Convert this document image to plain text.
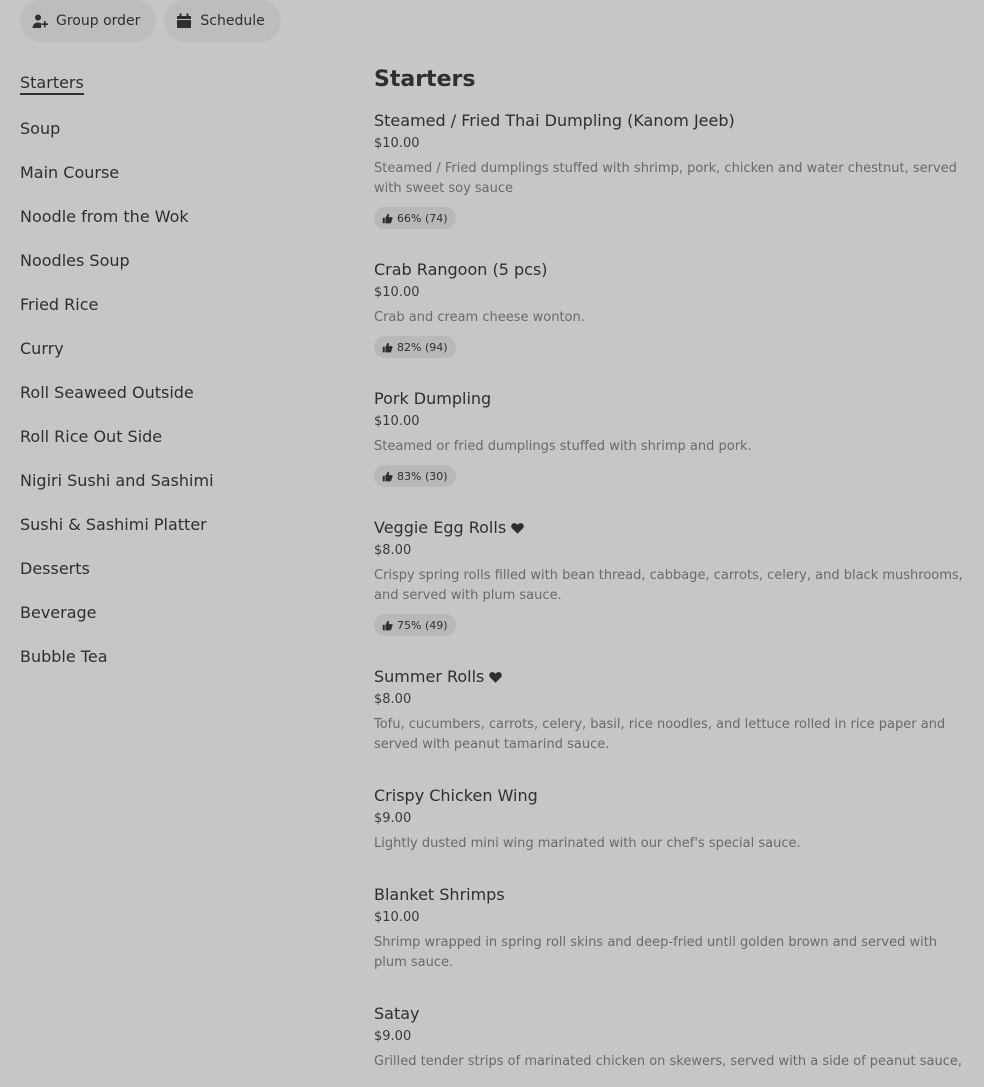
Group order	Schedule
Starters
Soup
Main Course
Noodle from the Wok
Noodles Soup
Fried Rice
Curry
Roll Seaweed Outside
Roll Rice Out Side
Nigiri Sushi and Sashimi
Sushi & Sashimi Platter
Desserts
Beverage
Bubble Tea
Starters
Steamed / Fried Thai Dumpling (Kanom Jeeb)
$10.00
Steamed / Fried dumplings stuffed with shrimp, pork, chicken and water chestnut, served with sweet soy sauce
66% (74)
Crab Rangoon (5 pcs)
$10.00
Crab and cream cheese wonton.
82% (94)
Pork Dumpling
$10.00
Steamed or fried dumplings stuffed with shrimp and pork.
83% (30)
Veggie Egg Rolls
$8.00
Crispy spring rolls filled with bean thread, cabbage, carrots, celery, and black mushrooms, and served with plum sauce.
75% (49)
Summer Rolls
$8.00
Tofu, cucumbers, carrots, celery, basil, rice noodles, and lettuce rolled in rice paper and served with peanut tamarind sauce.
Crispy Chicken Wing
$9.00
Lightly dusted mini wing marinated with our chef's special sauce.
Blanket Shrimps
$10.00
Shrimp wrapped in spring roll skins and deep-fried until golden brown and served with plum sauce.
Satay
$9.00
Grilled tender strips of marinated chicken on skewers, served with a side of peanut sauce,
